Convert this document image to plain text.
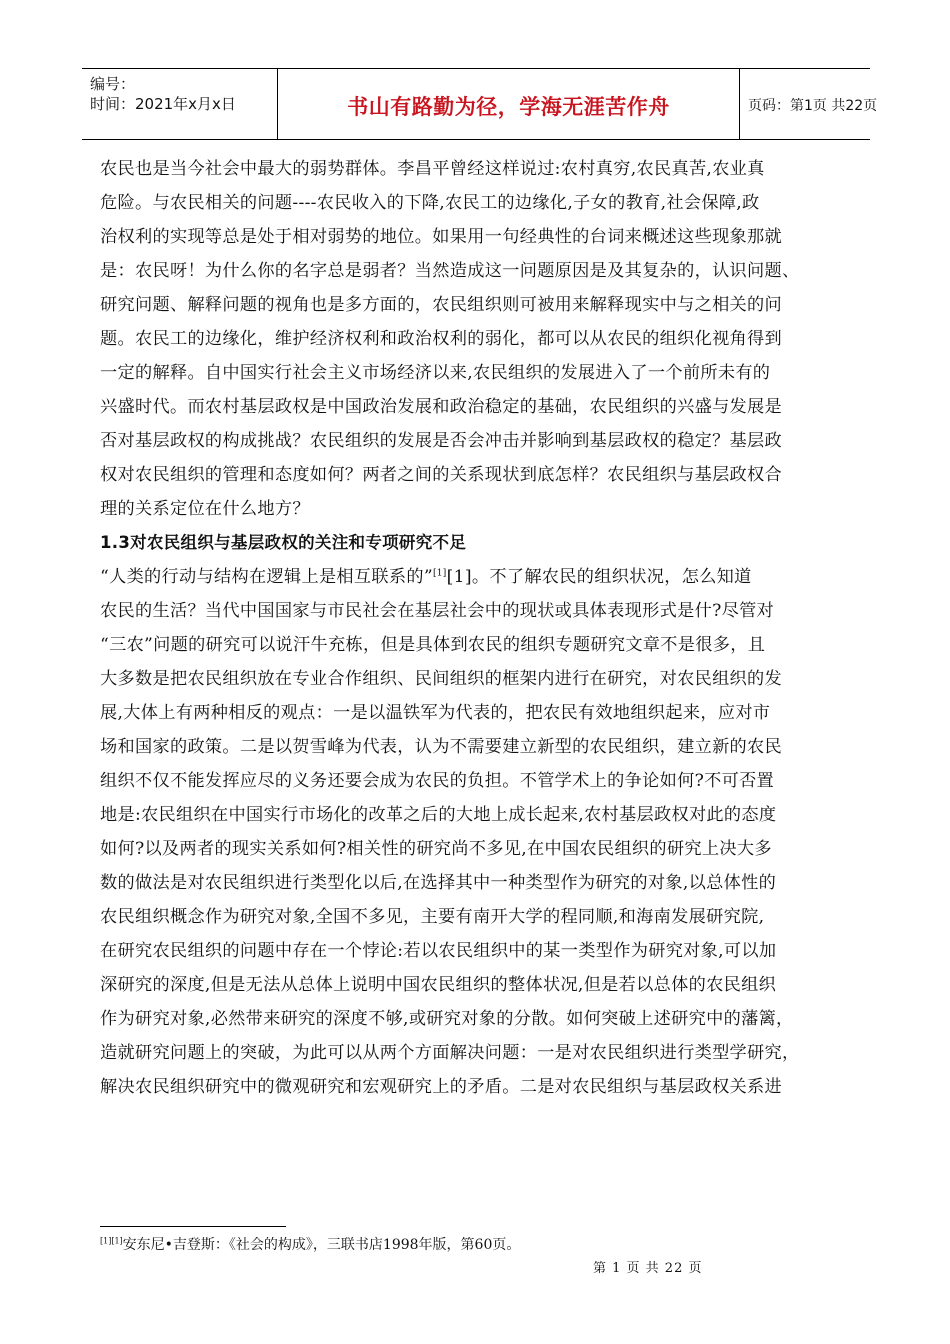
编号：
时间：2021年x月x日	书山有路勤为径，学海无涯苦作舟	页码：第1页 共22页
农民也是当今社会中最大的弱势群体。李昌平曾经这样说过:农村真穷,农民真苦,农业真
危险。与农民相关的问题----农民收入的下降,农民工的边缘化,子女的教育,社会保障,政
治权利的实现等总是处于相对弱势的地位。如果用一句经典性的台词来概述这些现象那就
是：农民呀！为什么你的名字总是弱者？当然造成这一问题原因是及其复杂的，认识问题、
研究问题、解释问题的视角也是多方面的，农民组织则可被用来解释现实中与之相关的问
题。农民工的边缘化，维护经济权利和政治权利的弱化，都可以从农民的组织化视角得到
一定的解释。自中国实行社会主义市场经济以来,农民组织的发展进入了一个前所未有的
兴盛时代。而农村基层政权是中国政治发展和政治稳定的基础，农民组织的兴盛与发展是
否对基层政权的构成挑战？农民组织的发展是否会冲击并影响到基层政权的稳定？基层政
权对农民组织的管理和态度如何？两者之间的关系现状到底怎样？农民组织与基层政权合
理的关系定位在什么地方？
1.3对农民组织与基层政权的关注和专项研究不足
“人类的行动与结构在逻辑上是相互联系的”[1][1]。不了解农民的组织状况，怎么知道
农民的生活？当代中国国家与市民社会在基层社会中的现状或具体表现形式是什?尽管对
“三农”问题的研究可以说汗牛充栋，但是具体到农民的组织专题研究文章不是很多，且
大多数是把农民组织放在专业合作组织、民间组织的框架内进行在研究，对农民组织的发
展,大体上有两种相反的观点：一是以温铁军为代表的，把农民有效地组织起来，应对市
场和国家的政策。二是以贺雪峰为代表，认为不需要建立新型的农民组织，建立新的农民
组织不仅不能发挥应尽的义务还要会成为农民的负担。不管学术上的争论如何?不可否置
地是:农民组织在中国实行市场化的改革之后的大地上成长起来,农村基层政权对此的态度
如何?以及两者的现实关系如何?相关性的研究尚不多见,在中国农民组织的研究上决大多
数的做法是对农民组织进行类型化以后,在选择其中一种类型作为研究的对象,以总体性的
农民组织概念作为研究对象,全国不多见，主要有南开大学的程同顺,和海南发展研究院,
在研究农民组织的问题中存在一个悖论:若以农民组织中的某一类型作为研究对象,可以加
深研究的深度,但是无法从总体上说明中国农民组织的整体状况,但是若以总体的农民组织
作为研究对象,必然带来研究的深度不够,或研究对象的分散。如何突破上述研究中的藩篱，
造就研究问题上的突破，为此可以从两个方面解决问题：一是对农民组织进行类型学研究，
解决农民组织研究中的微观研究和宏观研究上的矛盾。二是对农民组织与基层政权关系进
[1][1]安东尼•吉登斯：《社会的构成》，三联书店1998年版，第60页。
第 1 页 共 22 页
